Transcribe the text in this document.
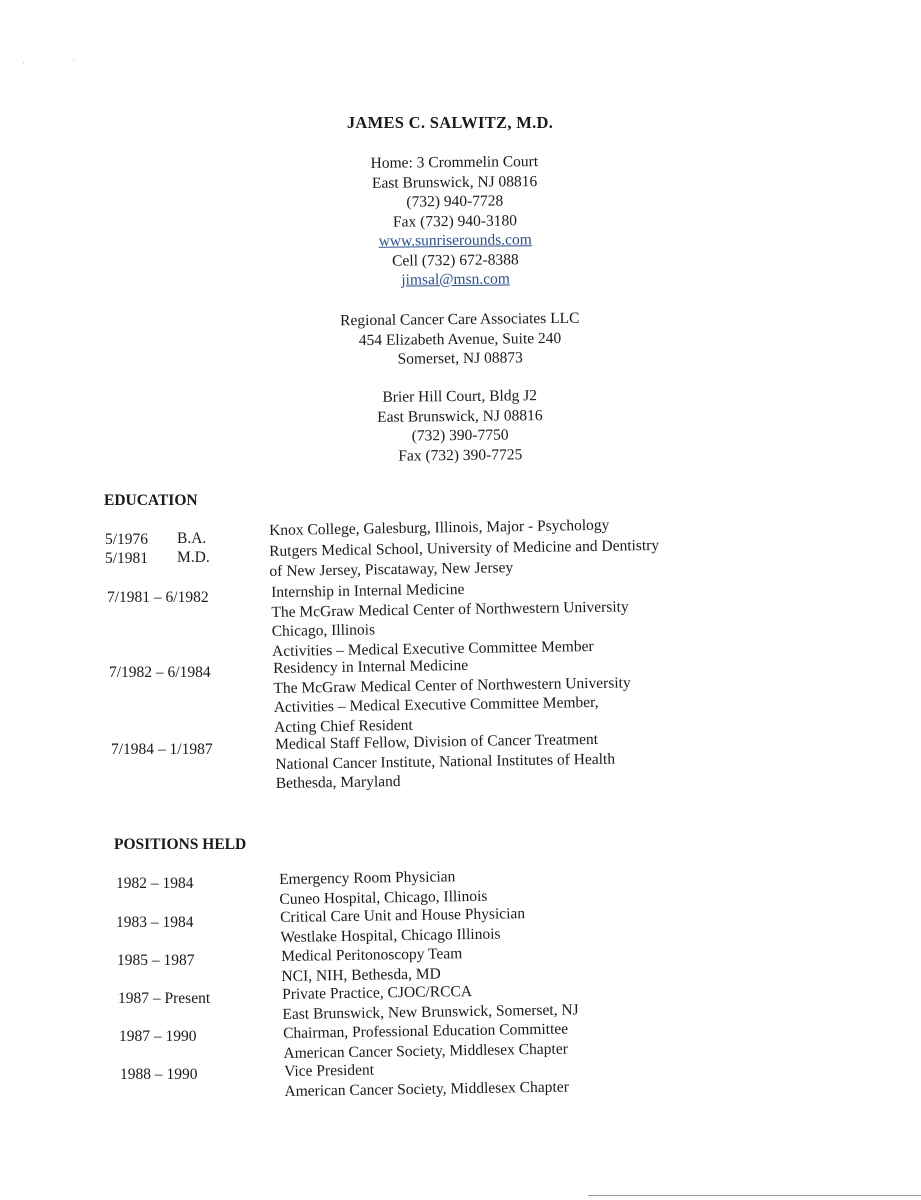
JAMES C. SALWITZ, M.D.
Home: 3 Crommelin Court
East Brunswick, NJ 08816
(732) 940-7728
Fax (732) 940-3180
www.sunriserounds.com
Cell (732) 672-8388
jimsal@msn.com
Regional Cancer Care Associates LLC
454 Elizabeth Avenue, Suite 240
Somerset, NJ 08873
Brier Hill Court, Bldg J2
East Brunswick, NJ 08816
(732) 390-7750
Fax (732) 390-7725
EDUCATION
5/1976 B.A.	Knox College, Galesburg, Illinois, Major - Psychology
5/1981 M.D.	Rutgers Medical School, University of Medicine and Dentistry
of New Jersey, Piscataway, New Jersey
7/1981 – 6/1982	Internship in Internal Medicine
The McGraw Medical Center of Northwestern University
Chicago, Illinois
Activities – Medical Executive Committee Member
7/1982 – 6/1984	Residency in Internal Medicine
The McGraw Medical Center of Northwestern University
Activities – Medical Executive Committee Member,
Acting Chief Resident
7/1984 – 1/1987	Medical Staff Fellow, Division of Cancer Treatment
National Cancer Institute, National Institutes of Health
Bethesda, Maryland
POSITIONS HELD
1982 – 1984	Emergency Room Physician
Cuneo Hospital, Chicago, Illinois
1983 – 1984	Critical Care Unit and House Physician
Westlake Hospital, Chicago Illinois
1985 – 1987	Medical Peritonoscopy Team
NCI, NIH, Bethesda, MD
1987 – Present	Private Practice, CJOC/RCCA
East Brunswick, New Brunswick, Somerset, NJ
1987 – 1990	Chairman, Professional Education Committee
American Cancer Society, Middlesex Chapter
1988 – 1990	Vice President
American Cancer Society, Middlesex Chapter
·	·
